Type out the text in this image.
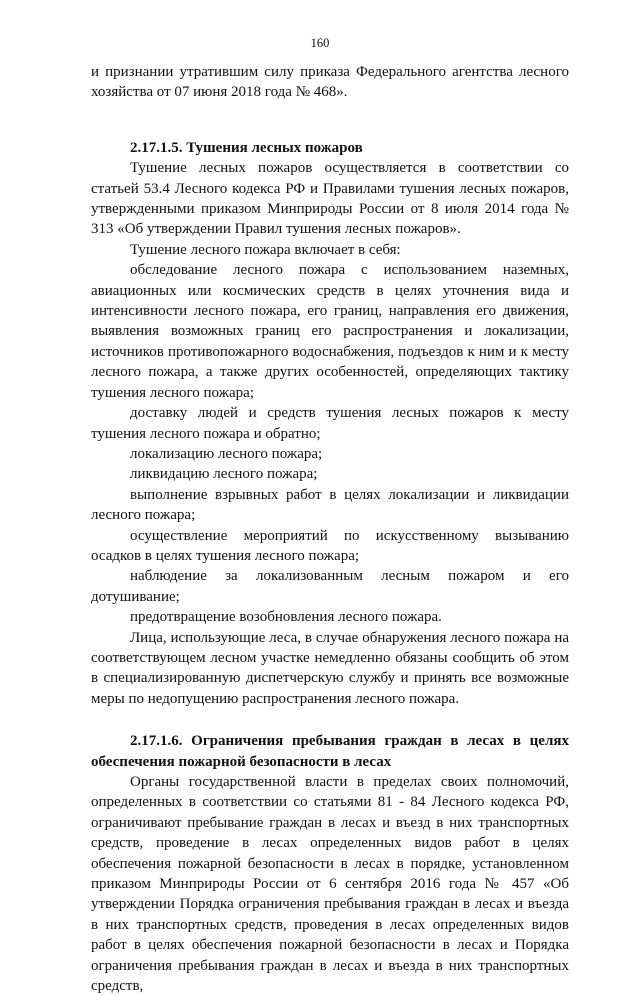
160

и признании утратившим силу приказа Федерального агентства лесного хозяйства от 07 июня 2018 года № 468».

2.17.1.5. Тушения лесных пожаров

Тушение лесных пожаров осуществляется в соответствии со статьей 53.4 Лесного кодекса РФ и Правилами тушения лесных пожаров, утвержденными приказом Минприроды России от 8 июля 2014 года № 313 «Об утверждении Правил тушения лесных пожаров».

Тушение лесного пожара включает в себя:

обследование лесного пожара с использованием наземных, авиационных или космических средств в целях уточнения вида и интенсивности лесного пожара, его границ, направления его движения, выявления возможных границ его распространения и локализации, источников противопожарного водоснабжения, подъездов к ним и к месту лесного пожара, а также других особенностей, определяющих тактику тушения лесного пожара;

доставку людей и средств тушения лесных пожаров к месту тушения лесного пожара и обратно;

локализацию лесного пожара;

ликвидацию лесного пожара;

выполнение взрывных работ в целях локализации и ликвидации лесного пожара;

осуществление мероприятий по искусственному вызыванию осадков в целях тушения лесного пожара;

наблюдение за локализованным лесным пожаром и его дотушивание;

предотвращение возобновления лесного пожара.

Лица, использующие леса, в случае обнаружения лесного пожара на соответствующем лесном участке немедленно обязаны сообщить об этом в специализированную диспетчерскую службу и принять все возможные меры по недопущению распространения лесного пожара.

2.17.1.6. Ограничения пребывания граждан в лесах в целях обеспечения пожарной безопасности в лесах

Органы государственной власти в пределах своих полномочий, определенных в соответствии со статьями 81 - 84 Лесного кодекса РФ, ограничивают пребывание граждан в лесах и въезд в них транспортных средств, проведение в лесах определенных видов работ в целях обеспечения пожарной безопасности в лесах в порядке, установленном приказом Минприроды России от 6 сентября 2016 года № 457 «Об утверждении Порядка ограничения пребывания граждан в лесах и въезда в них транспортных средств, проведения в лесах определенных видов работ в целях обеспечения пожарной безопасности в лесах и Порядка ограничения пребывания граждан в лесах и въезда в них транспортных средств,
